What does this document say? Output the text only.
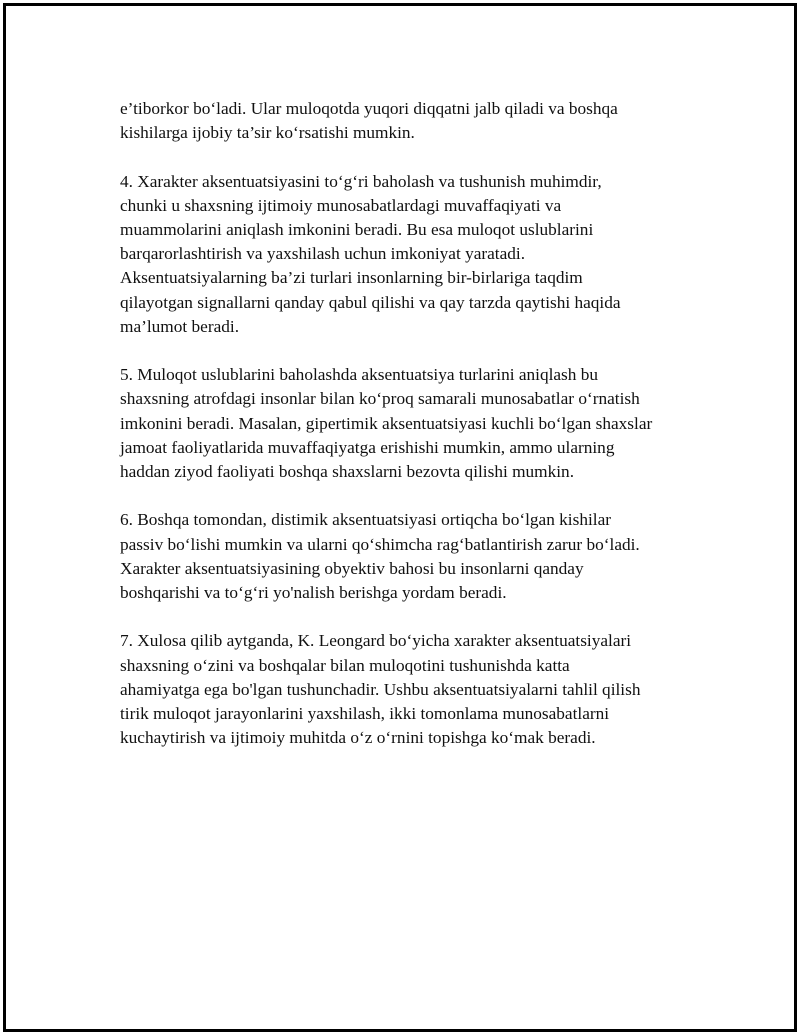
e’tiborkor bo‘ladi. Ular muloqotda yuqori diqqatni jalb qiladi va boshqa
kishilarga ijobiy ta’sir ko‘rsatishi mumkin.

4. Xarakter aksentuatsiyasini to‘g‘ri baholash va tushunish muhimdir,
chunki u shaxsning ijtimoiy munosabatlardagi muvaffaqiyati va
muammolarini aniqlash imkonini beradi. Bu esa muloqot uslublarini
barqarorlashtirish va yaxshilash uchun imkoniyat yaratadi.
Aksentuatsiyalarning ba’zi turlari insonlarning bir-birlariga taqdim
qilayotgan signallarni qanday qabul qilishi va qay tarzda qaytishi haqida
ma’lumot beradi.

5. Muloqot uslublarini baholashda aksentuatsiya turlarini aniqlash bu
shaxsning atrofdagi insonlar bilan ko‘proq samarali munosabatlar o‘rnatish
imkonini beradi. Masalan, gipertimik aksentuatsiyasi kuchli bo‘lgan shaxslar
jamoat faoliyatlarida muvaffaqiyatga erishishi mumkin, ammo ularning
haddan ziyod faoliyati boshqa shaxslarni bezovta qilishi mumkin.

6. Boshqa tomondan, distimik aksentuatsiyasi ortiqcha bo‘lgan kishilar
passiv bo‘lishi mumkin va ularni qo‘shimcha rag‘batlantirish zarur bo‘ladi.
Xarakter aksentuatsiyasining obyektiv bahosi bu insonlarni qanday
boshqarishi va to‘g‘ri yo'nalish berishga yordam beradi.

7. Xulosa qilib aytganda, K. Leongard bo‘yicha xarakter aksentuatsiyalari
shaxsning o‘zini va boshqalar bilan muloqotini tushunishda katta
ahamiyatga ega bo'lgan tushunchadir. Ushbu aksentuatsiyalarni tahlil qilish
tirik muloqot jarayonlarini yaxshilash, ikki tomonlama munosabatlarni
kuchaytirish va ijtimoiy muhitda o‘z o‘rnini topishga ko‘mak beradi.
